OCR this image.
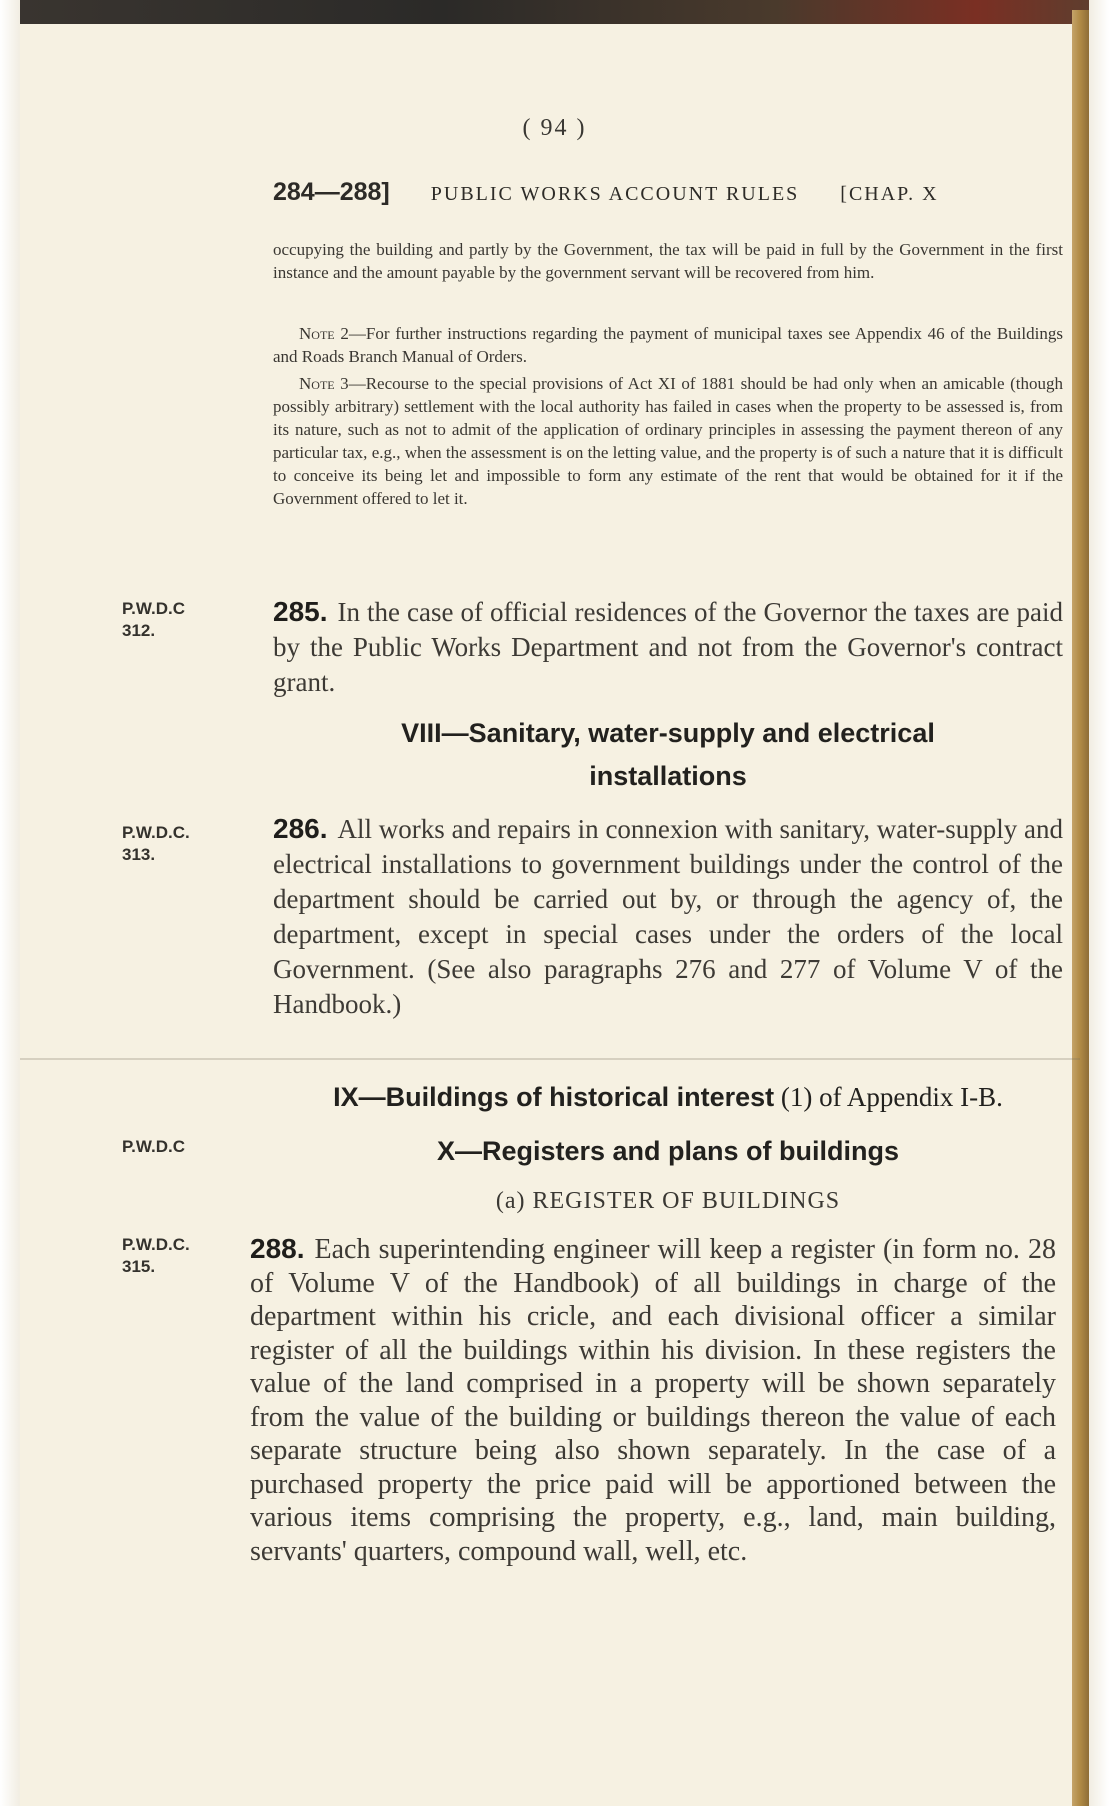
( 94 )
284—288] PUBLIC WORKS ACCOUNT RULES [CHAP. X
occupying the building and partly by the Government, the tax will be paid in full by the Government in the first instance and the amount payable by the government servant will be recovered from him.
Note 2—For further instructions regarding the payment of municipal taxes see Appendix 46 of the Buildings and Roads Branch Manual of Orders.
Note 3—Recourse to the special provisions of Act XI of 1881 should be had only when an amicable (though possibly arbitrary) settlement with the local authority has failed in cases when the property to be assessed is, from its nature, such as not to admit of the application of ordinary principles in assessing the payment thereon of any particular tax, e.g., when the assessment is on the letting value, and the property is of such a nature that it is difficult to conceive its being let and impossible to form any estimate of the rent that would be obtained for it if the Government offered to let it.
P.W.D.C
312.
285. In the case of official residences of the Governor the taxes are paid by the Public Works Department and not from the Governor's contract grant.
VIII—Sanitary, water-supply and electrical
installations
P.W.D.C.
313.
286. All works and repairs in connexion with sanitary, water-supply and electrical installations to government buildings under the control of the department should be carried out by, or through the agency of, the department, except in special cases under the orders of the local Government. (See also paragraphs 276 and 277 of Volume V of the Handbook.)
IX—Buildings of historical interest (1) of Appendix I-B.
P.W.D.C	X—Registers and plans of buildings
(a) REGISTER OF BUILDINGS
P.W.D.C.
315.
288. Each superintending engineer will keep a register (in form no. 28 of Volume V of the Handbook) of all buildings in charge of the department within his cricle, and each divisional officer a similar register of all the buildings within his division. In these registers the value of the land comprised in a property will be shown separately from the value of the building or buildings thereon the value of each separate structure being also shown separately. In the case of a purchased property the price paid will be apportioned between the various items comprising the property, e.g., land, main building, servants' quarters, compound wall, well, etc.
